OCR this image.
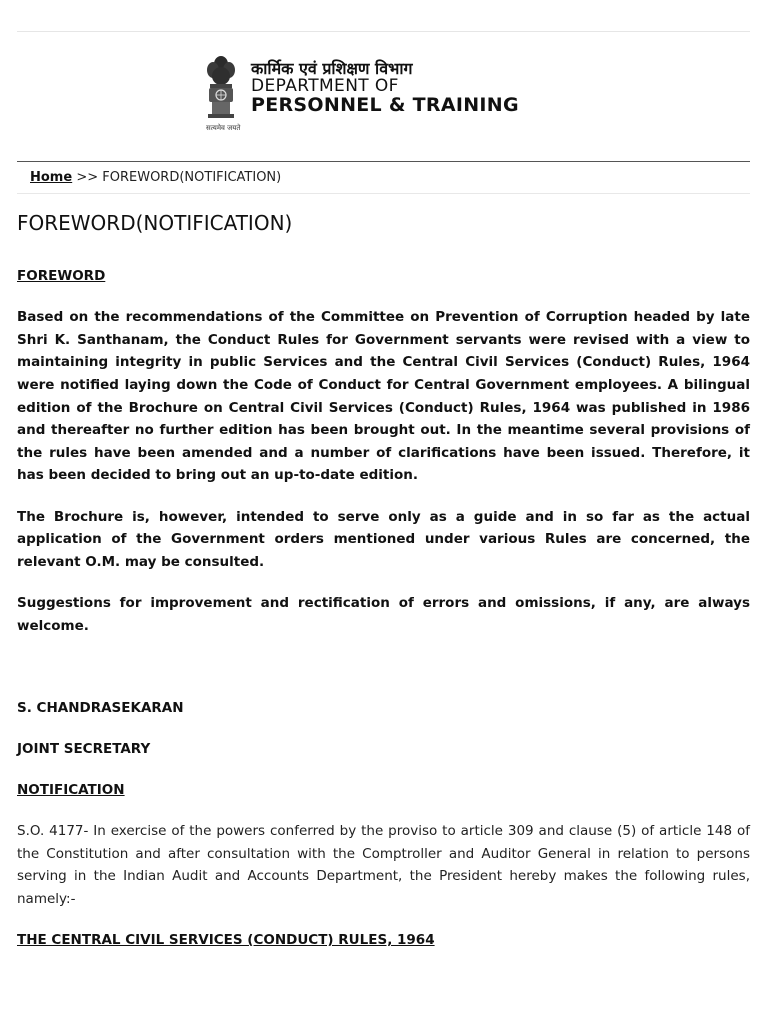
सत्यमेव जयते
कार्मिक एवं प्रशिक्षण विभाग
DEPARTMENT OF
PERSONNEL & TRAINING
Home >> FOREWORD(NOTIFICATION)
FOREWORD(NOTIFICATION)

FOREWORD

Based on the recommendations of the Committee on Prevention of Corruption headed by late Shri K. Santhanam, the Conduct Rules for Government servants were revised with a view to maintaining integrity in public Services and the Central Civil Services (Conduct) Rules, 1964 were notified laying down the Code of Conduct for Central Government employees. A bilingual edition of the Brochure on Central Civil Services (Conduct) Rules, 1964 was published in 1986 and thereafter no further edition has been brought out. In the meantime several provisions of the rules have been amended and a number of clarifications have been issued. Therefore, it has been decided to bring out an up-to-date edition.

The Brochure is, however, intended to serve only as a guide and in so far as the actual application of the Government orders mentioned under various Rules are concerned, the relevant O.M. may be consulted.

Suggestions for improvement and rectification of errors and omissions, if any, are always welcome.

S. CHANDRASEKARAN

JOINT SECRETARY

NOTIFICATION

S.O. 4177- In exercise of the powers conferred by the proviso to article 309 and clause (5) of article 148 of the Constitution and after consultation with the Comptroller and Auditor General in relation to persons serving in the Indian Audit and Accounts Department, the President hereby makes the following rules, namely:-

THE CENTRAL CIVIL SERVICES (CONDUCT) RULES, 1964
